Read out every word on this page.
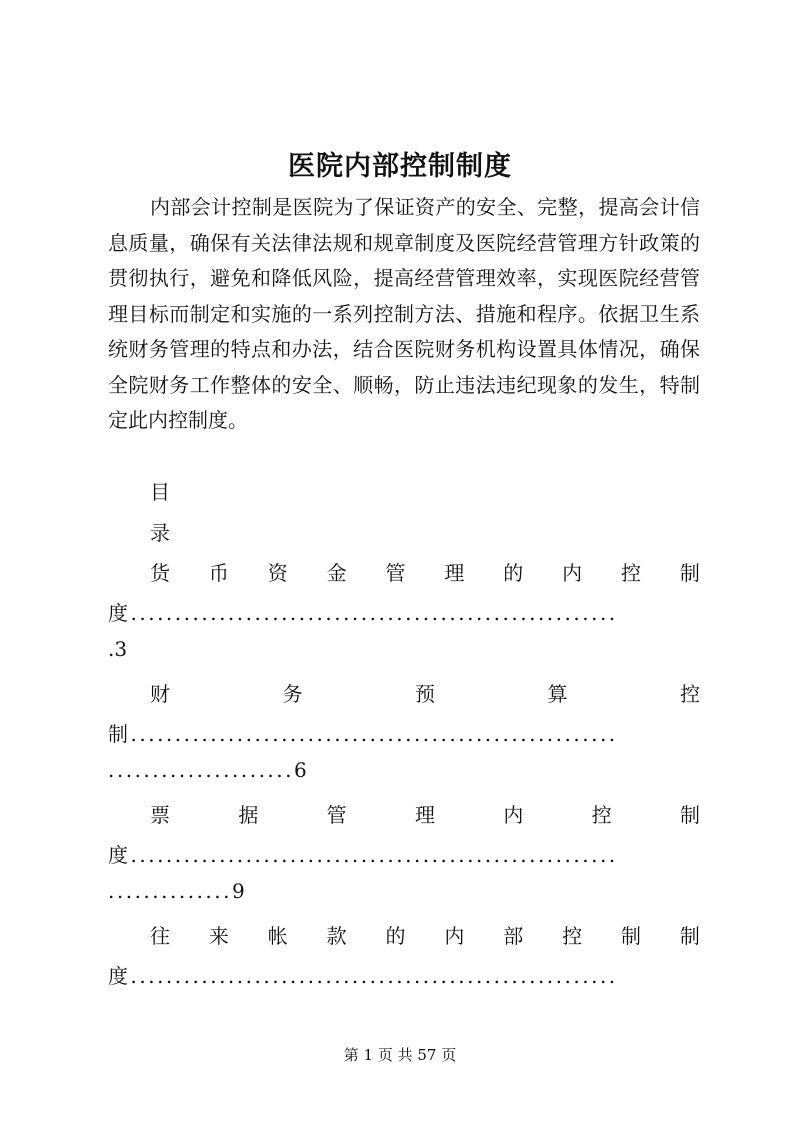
医院内部控制制度
内部会计控制是医院为了保证资产的安全、完整，提高会计信息质量，确保有关法律法规和规章制度及医院经营管理方针政策的贯彻执行，避免和降低风险，提高经营管理效率，实现医院经营管理目标而制定和实施的一系列控制方法、措施和程序。依据卫生系统财务管理的特点和办法，结合医院财务机构设置具体情况，确保全院财务工作整体的安全、顺畅，防止违法违纪现象的发生，特制定此内控制度。
目
录
货 币 资 金 管 理 的 内 控 制
度.......................................................
.3
财	务	预	算	控
制.......................................................
.....................6
票	据	管	理	内	控	制
度.......................................................
..............9
往 来 帐 款 的 内 部 控 制 制
度.......................................................
第 1 页 共 57 页
